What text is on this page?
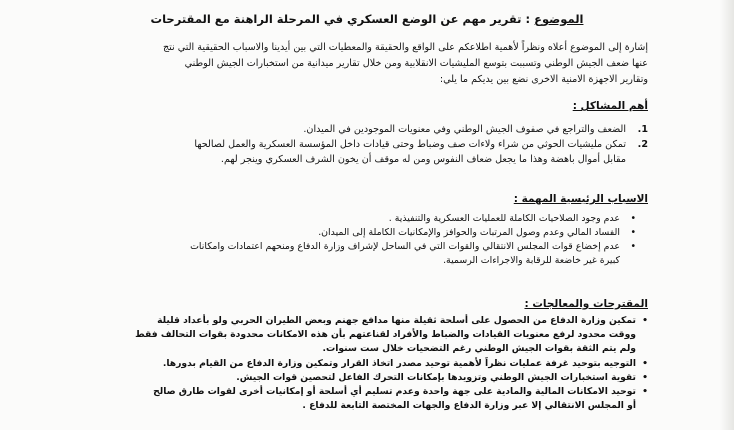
الموضوع : تقرير مهم عن الوضع العسكري في المرحلة الراهنة مع المقترحات
إشارة إلى الموضوع أعلاه ونظراً لأهمية اطلاعكم على الواقع والحقيقة والمعطيات التي بين أيدينا والاسباب الحقيقية التي نتج
عنها ضعف الجيش الوطني وتسببت بتوسع المليشيات الانقلابية ومن خلال تقارير ميدانية من استخبارات الجيش الوطني
وتقارير الاجهزة الامنية الاخرى نضع بين يديكم ما يلي:
أهم المشاكل :
1.
الضعف والتراجع في صفوف الجيش الوطني وفي معنويات الموجودين في الميدان.
2.
تمكن مليشيات الحوثي من شراء ولاءات صف وضباط وحتى قيادات داخل المؤسسة العسكرية والعمل لصالحها
مقابل أموال باهضة وهذا ما يجعل ضعاف النفوس ومن له موقف أن يخون الشرف العسكري وينجر لهم.
الاسباب الرئيسية المهمة :
•
عدم وجود الصلاحيات الكاملة للعمليات العسكرية والتنفيذية .
•
الفساد المالي وعدم وصول المرتبات والحوافز والإمكانيات الكاملة إلى الميدان.
•
عدم إخضاع قوات المجلس الانتقالي والقوات التي في الساحل لإشراف وزارة الدفاع ومنحهم اعتمادات وامكانات
كبيرة غير خاضعة للرقابة والاجراءات الرسمية.
المقترحات والمعالجات :
•
تمكين وزارة الدفاع من الحصول على أسلحة ثقيلة منها مدافع جهنم وبعض الطيران الحربي ولو بأعداد قليلة
ووقت محدود لرفع معنويات القيادات والضباط والأفراد لقناعتهم بأن هذه الامكانات محدودة بقوات التحالف فقط
ولم يتم الثقة بقوات الجيش الوطني رغم التضحيات خلال ست سنوات.
•
التوجيه بتوحيد غرفة عمليات نظراً لأهمية توحيد مصدر اتخاذ القرار وتمكين وزارة الدفاع من القيام بدورها.
•
تقوية استخبارات الجيش الوطني وتزويدها بإمكانات التحرك الفاعل لتحصين قوات الجيش.
•
توحيد الامكانات المالية والمادية على جهة واحدة وعدم تسليم أي أسلحة أو إمكانيات أخرى لقوات طارق صالح
أو المجلس الانتقالي إلا عبر وزارة الدفاع والجهات المختصة التابعة للدفاع .
